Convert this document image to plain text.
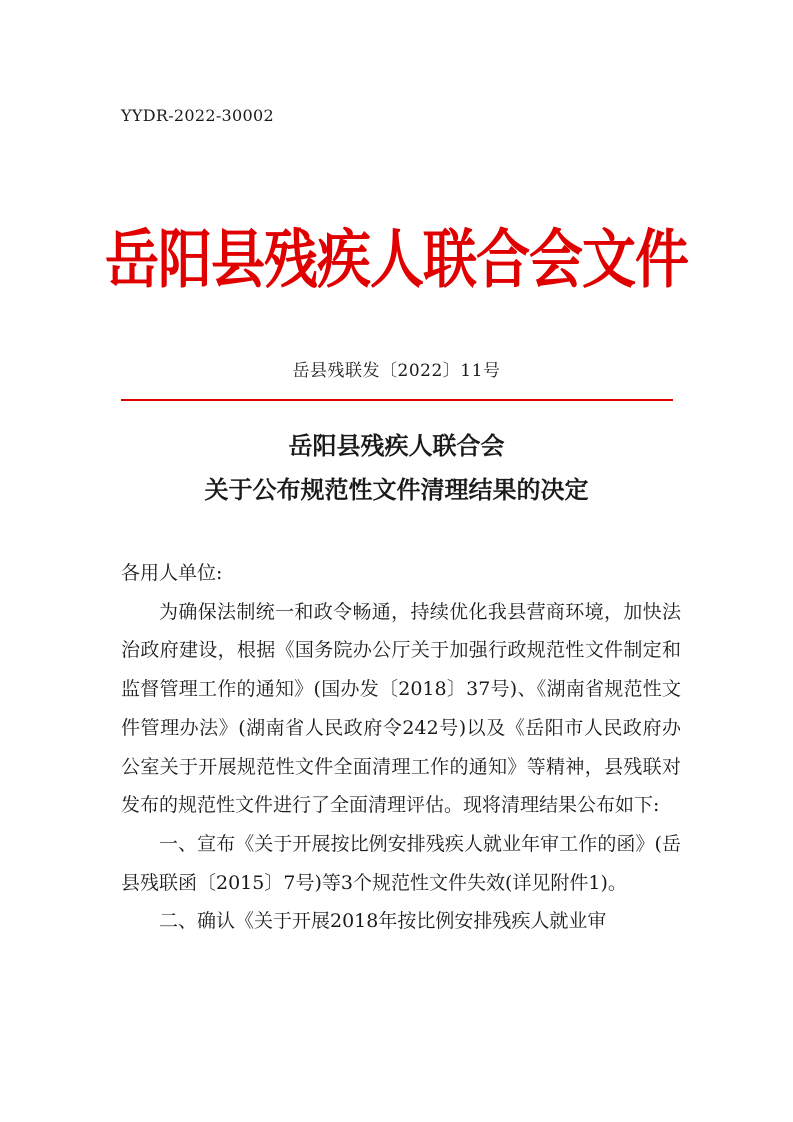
YYDR-2022-30002
岳阳县残疾人联合会文件
岳县残联发〔2022〕11号
岳阳县残疾人联合会
关于公布规范性文件清理结果的决定

各用人单位:

为确保法制统一和政令畅通，持续优化我县营商环境，加快法治政府建设，根据《国务院办公厅关于加强行政规范性文件制定和监督管理工作的通知》(国办发〔2018〕37号)、《湖南省规范性文件管理办法》(湖南省人民政府令242号)以及《岳阳市人民政府办公室关于开展规范性文件全面清理工作的通知》等精神，县残联对发布的规范性文件进行了全面清理评估。现将清理结果公布如下:

一、宣布《关于开展按比例安排残疾人就业年审工作的函》(岳县残联函〔2015〕7号)等3个规范性文件失效(详见附件1)。

二、确认《关于开展2018年按比例安排残疾人就业审
